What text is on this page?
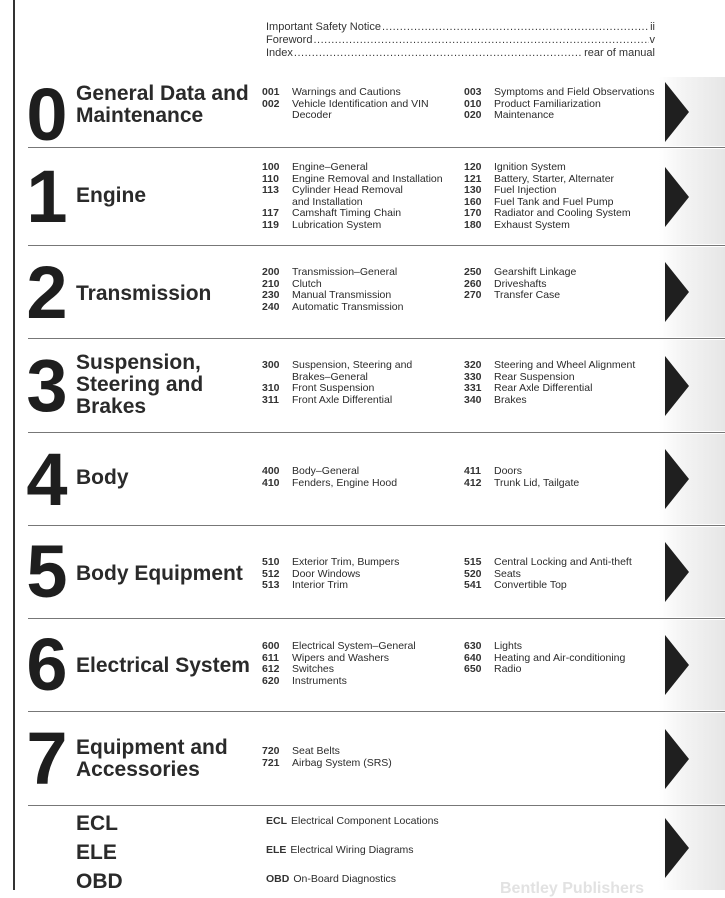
Important Safety Notice .....	ii
Foreword .....	v
Index .....	rear of manual
Bentley Publishers
0 General Data and
Maintenance
001	Warnings and Cautions
002	Vehicle Identification and VIN
Decoder
003	Symptoms and Field Observations
010	Product Familiarization
020	Maintenance
1 Engine
100	Engine–General
110	Engine Removal and Installation
113	Cylinder Head Removal
and Installation
117	Camshaft Timing Chain
119	Lubrication System
120	Ignition System
121	Battery, Starter, Alternater
130	Fuel Injection
160	Fuel Tank and Fuel Pump
170	Radiator and Cooling System
180	Exhaust System
2 Transmission
200	Transmission–General
210	Clutch
230	Manual Transmission
240	Automatic Transmission
250	Gearshift Linkage
260	Driveshafts
270	Transfer Case
3 Suspension,
Steering and
Brakes
300	Suspension, Steering and
Brakes–General
310	Front Suspension
311	Front Axle Differential
320	Steering and Wheel Alignment
330	Rear Suspension
331	Rear Axle Differential
340	Brakes
4 Body	400	Body–General
410	Fenders, Engine Hood
411	Doors
412	Trunk Lid, Tailgate
5 Body Equipment 510	Exterior Trim, Bumpers
512	Door Windows
513	Interior Trim
515	Central Locking and Anti-theft
520	Seats
541	Convertible Top
6 Electrical System
600	Electrical System–General
611	Wipers and Washers
612	Switches
620	Instruments
630	Lights
640	Heating and Air-conditioning
650	Radio
7 Equipment and
Accessories
720	Seat Belts
721	Airbag System (SRS)
ECL	ECL Electrical Component Locations
ELE	ELE Electrical Wiring Diagrams
OBD	OBD On-Board Diagnostics
